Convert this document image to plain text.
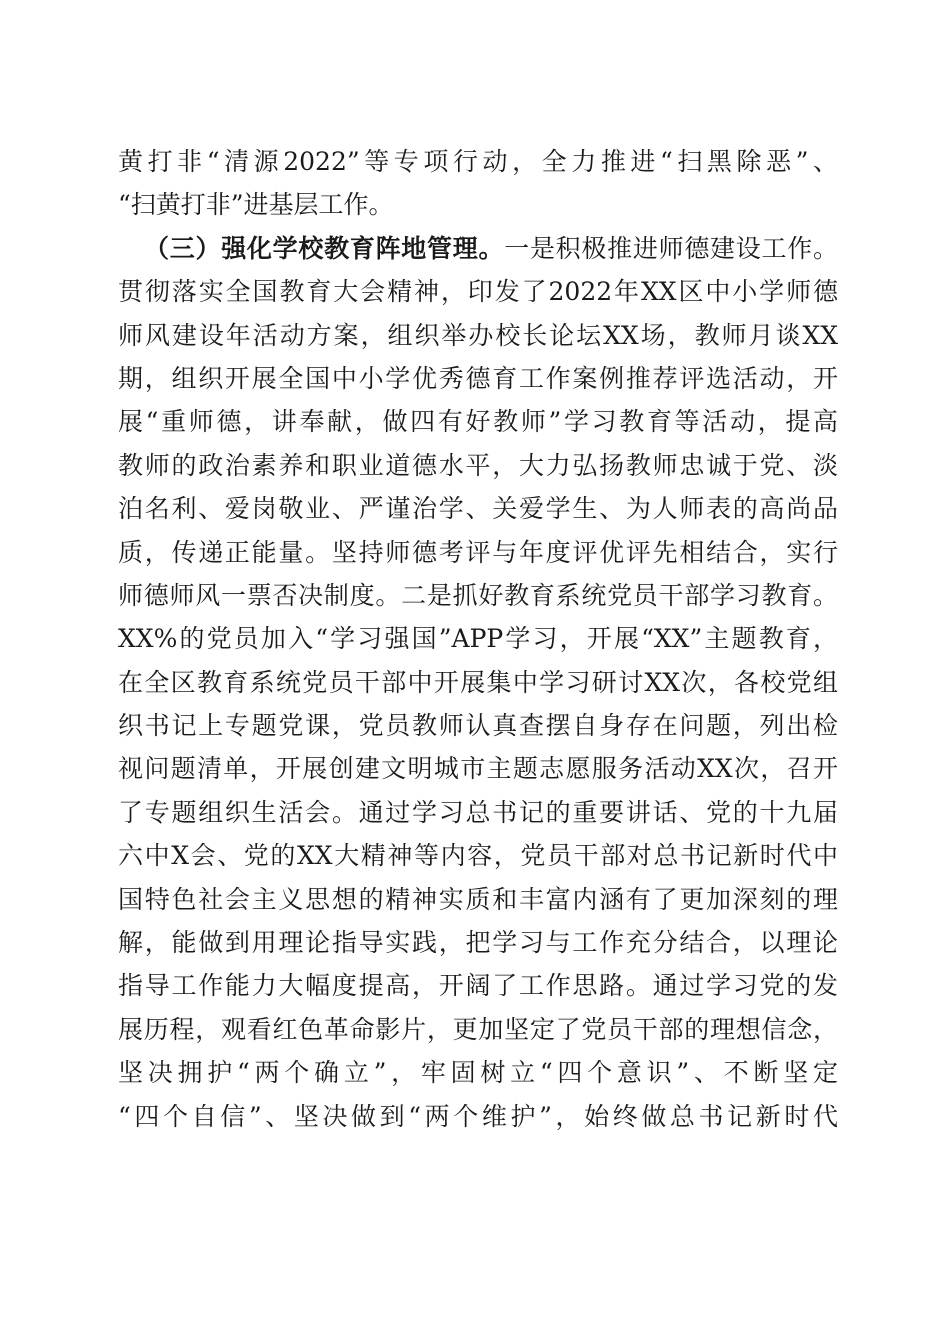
黄打非“清源2022”等专项行动，全力推进“扫黑除恶”、
“扫黄打非”进基层工作。
（三）强化学校教育阵地管理。一是积极推进师德建设工作。
贯彻落实全国教育大会精神，印发了2022年XX区中小学师德
师风建设年活动方案，组织举办校长论坛XX场，教师月谈XX
期，组织开展全国中小学优秀德育工作案例推荐评选活动，开
展“重师德，讲奉献，做四有好教师”学习教育等活动，提高
教师的政治素养和职业道德水平，大力弘扬教师忠诚于党、淡
泊名利、爱岗敬业、严谨治学、关爱学生、为人师表的高尚品
质，传递正能量。坚持师德考评与年度评优评先相结合，实行
师德师风一票否决制度。二是抓好教育系统党员干部学习教育。
XX%的党员加入“学习强国”APP学习，开展“XX”主题教育，
在全区教育系统党员干部中开展集中学习研讨XX次，各校党组
织书记上专题党课，党员教师认真查摆自身存在问题，列出检
视问题清单，开展创建文明城市主题志愿服务活动XX次，召开
了专题组织生活会。通过学习总书记的重要讲话、党的十九届
六中X会、党的XX大精神等内容，党员干部对总书记新时代中
国特色社会主义思想的精神实质和丰富内涵有了更加深刻的理
解，能做到用理论指导实践，把学习与工作充分结合，以理论
指导工作能力大幅度提高，开阔了工作思路。通过学习党的发
展历程，观看红色革命影片，更加坚定了党员干部的理想信念，
坚决拥护“两个确立”，牢固树立“四个意识”、不断坚定
“四个自信”、坚决做到“两个维护”，始终做总书记新时代
